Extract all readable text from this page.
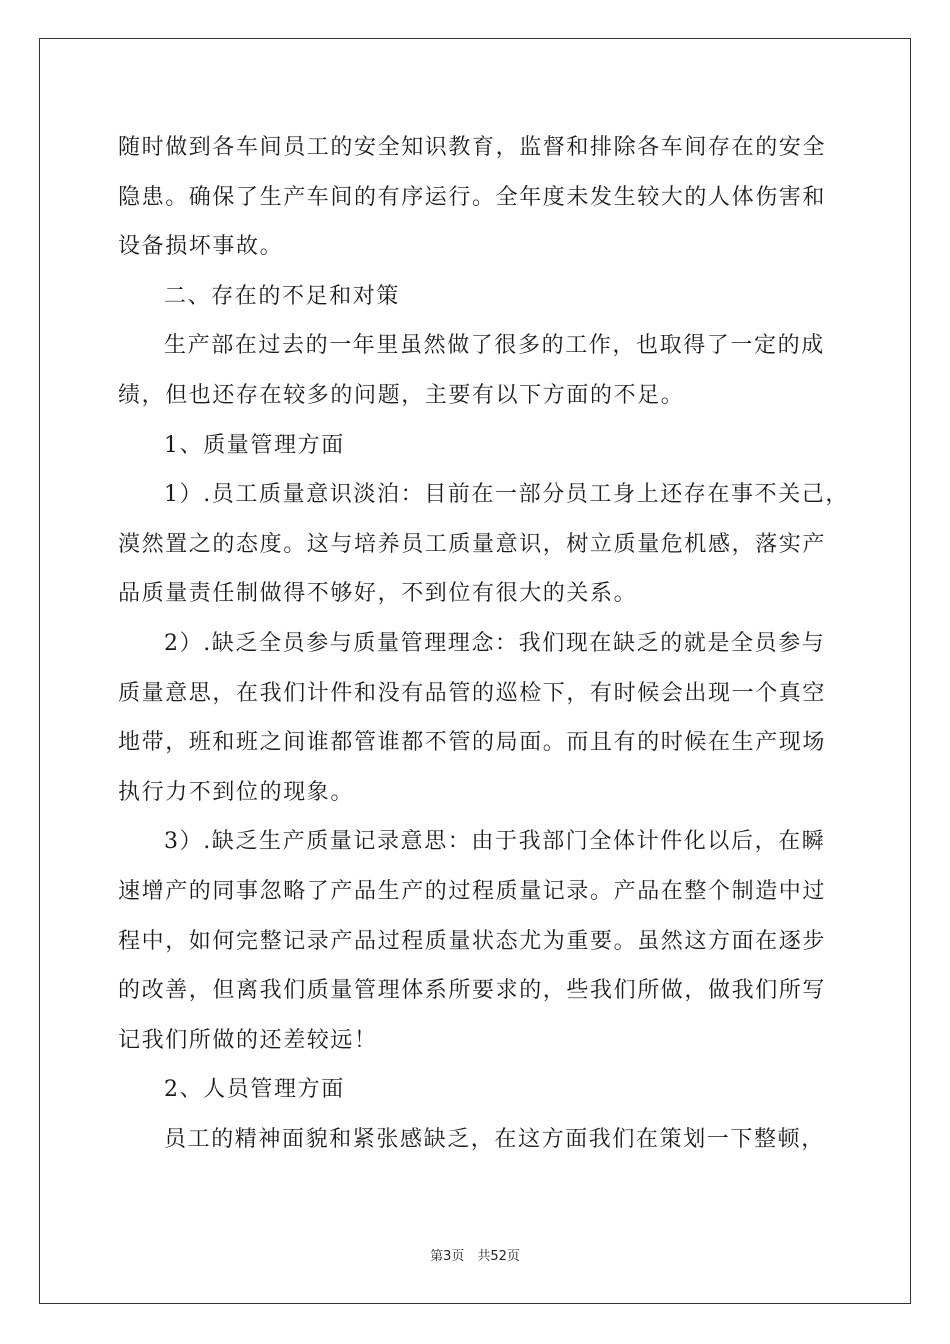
随时做到各车间员工的安全知识教育，监督和排除各车间存在的安全
隐患。确保了生产车间的有序运行。全年度未发生较大的人体伤害和
设备损坏事故。
二、存在的不足和对策
生产部在过去的一年里虽然做了很多的工作，也取得了一定的成
绩，但也还存在较多的问题，主要有以下方面的不足。
1、质量管理方面
1）.员工质量意识淡泊：目前在一部分员工身上还存在事不关己，
漠然置之的态度。这与培养员工质量意识，树立质量危机感，落实产
品质量责任制做得不够好，不到位有很大的关系。
2）.缺乏全员参与质量管理理念：我们现在缺乏的就是全员参与
质量意思，在我们计件和没有品管的巡检下，有时候会出现一个真空
地带，班和班之间谁都管谁都不管的局面。而且有的时候在生产现场
执行力不到位的现象。
3）.缺乏生产质量记录意思：由于我部门全体计件化以后，在瞬
速增产的同事忽略了产品生产的过程质量记录。产品在整个制造中过
程中，如何完整记录产品过程质量状态尤为重要。虽然这方面在逐步
的改善，但离我们质量管理体系所要求的，些我们所做，做我们所写
记我们所做的还差较远！
2、人员管理方面
员工的精神面貌和紧张感缺乏，在这方面我们在策划一下整顿，
第3页　共52页
